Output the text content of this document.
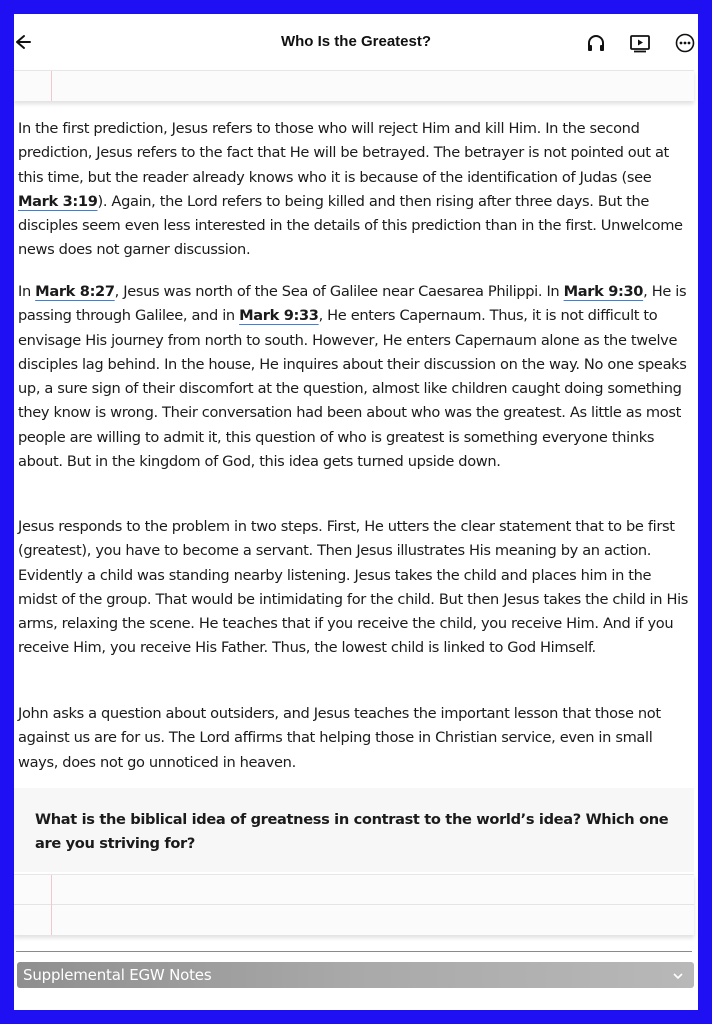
Who Is the Greatest?

In the first prediction, Jesus refers to those who will reject Him and kill Him. In the second prediction, Jesus refers to the fact that He will be betrayed. The betrayer is not pointed out at this time, but the reader already knows who it is because of the identification of Judas (see Mark 3:19). Again, the Lord refers to being killed and then rising after three days. But the disciples seem even less interested in the details of this prediction than in the first. Unwelcome news does not garner discussion.

In Mark 8:27, Jesus was north of the Sea of Galilee near Caesarea Philippi. In Mark 9:30, He is passing through Galilee, and in Mark 9:33, He enters Capernaum. Thus, it is not difficult to envisage His journey from north to south. However, He enters Capernaum alone as the twelve disciples lag behind. In the house, He inquires about their discussion on the way. No one speaks up, a sure sign of their discomfort at the question, almost like children caught doing something they know is wrong. Their conversation had been about who was the greatest. As little as most people are willing to admit it, this question of who is greatest is something everyone thinks about. But in the kingdom of God, this idea gets turned upside down.

Jesus responds to the problem in two steps. First, He utters the clear statement that to be first (greatest), you have to become a servant. Then Jesus illustrates His meaning by an action. Evidently a child was standing nearby listening. Jesus takes the child and places him in the midst of the group. That would be intimidating for the child. But then Jesus takes the child in His arms, relaxing the scene. He teaches that if you receive the child, you receive Him. And if you receive Him, you receive His Father. Thus, the lowest child is linked to God Himself.

John asks a question about outsiders, and Jesus teaches the important lesson that those not against us are for us. The Lord affirms that helping those in Christian service, even in small ways, does not go unnoticed in heaven.

What is the biblical idea of greatness in contrast to the world’s idea? Which one are you striving for?

Supplemental EGW Notes
